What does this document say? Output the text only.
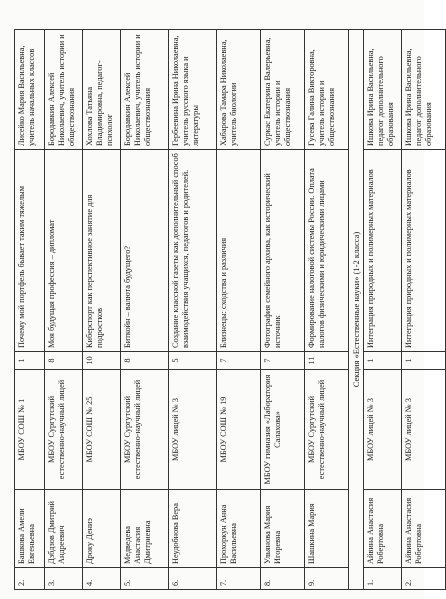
2.	Башкова Амели Евгеньевна	МБОУ СОШ № 1	1	Почему мой портфель бывает таким тяжелым	Лисейко Мария Васильевна, учитель начальных классов
3.	Дзбдзов Дмитрий Андреевич	МБОУ Сургутский естественно-научный лицей	8	Моя будущая профессия – дипломат	Бородавкин Алексей Николаевич, учитель истории и обществознания
4.	Дроку Дениэ	МБОУ СОШ № 25	10	Киберспорт как перспективное занятие для подростков	Хохлова Татьяна Владимировна, педагог-психолог
5.	Медведева Анастасия Дмитриевна	МБОУ Сургутский естественно-научный лицей	8	Биткойн – валюта будущего?	Бородавкин Алексей Николаевич, учитель истории и обществознания
6.	Неудобнова Вера	МБОУ лицей № 3	5	Создание классной газеты как дополнительный способ взаимодействия учащихся, педагогов и родителей.	Гербеевина Ирина Николаевна, учитель русского языка и литературы
7.	Прохоркун Анна Васильевна	МБОУ СОШ № 19	7	Близнецы: сходства и различия	Хабарова Тамара Николаевна, учитель биологии
8.	Ульянова Мария Игоревна	МБОУ гимназия «Лаборатория Салахова»	7	Фотография семейного архива, как исторический источник	Суркас Екатерина Валерьевна, учитель истории и обществознания
9.	Шашкина Мария	МБОУ Сургутский естественно-научный лицей	11	Формирование налоговой системы России. Оплата налогов физическими и юридическими лицами	Гусева Галина Викторовна, учитель истории и обществознания
Секция «Естественные науки» (1-2 класса)					
1.	Айвина Анастасия Робертовна	МБОУ лицей № 3	1	Интеграция природных и полимерных материалов	Ишкова Ирина Васильевна, педагог дополнительного образования
2.	Айвина Анастасия Робертовна	МБОУ лицей № 3	1	Интеграция природных и полимерных материалов	Ишкова Ирина Васильевна, педагог дополнительного образования
